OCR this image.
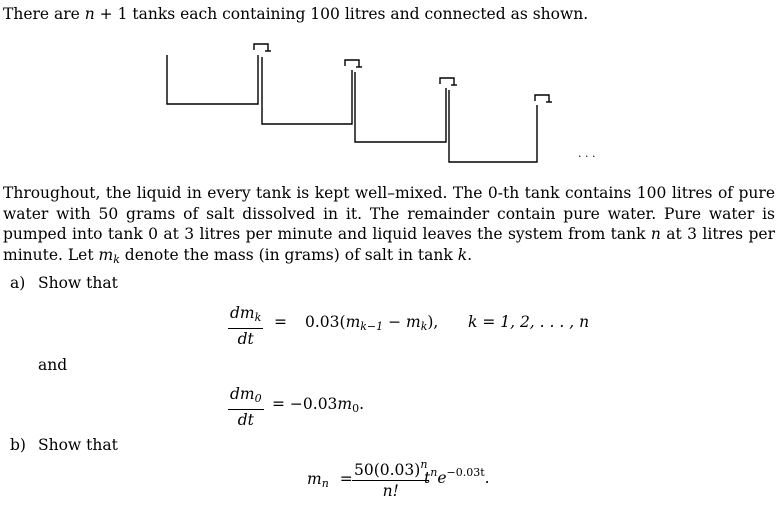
There are n + 1 tanks each containing 100 litres and connected as shown.
· · ·
Throughout, the liquid in every tank is kept well–mixed. The 0-th tank contains 100 litres of pure water with 50 grams of salt dissolved in it. The remainder contain pure water. Pure water is pumped into tank 0 at 3 litres per minute and liquid leaves the system from tank n at 3 litres per minute. Let $m_k$ denote the mass (in grams) of salt in tank k.
a) Show that
$dm_k$
dt
= $0.03(m_{k-1} - m_k)$, k = 1, 2, . . . , n
and
$\frac{dm_0}{dt} = -0.03m_0$.
b) Show that
$m_n = \frac{50(0.03)^n}{n!}$
$t^ne^{-0.03t}$.
